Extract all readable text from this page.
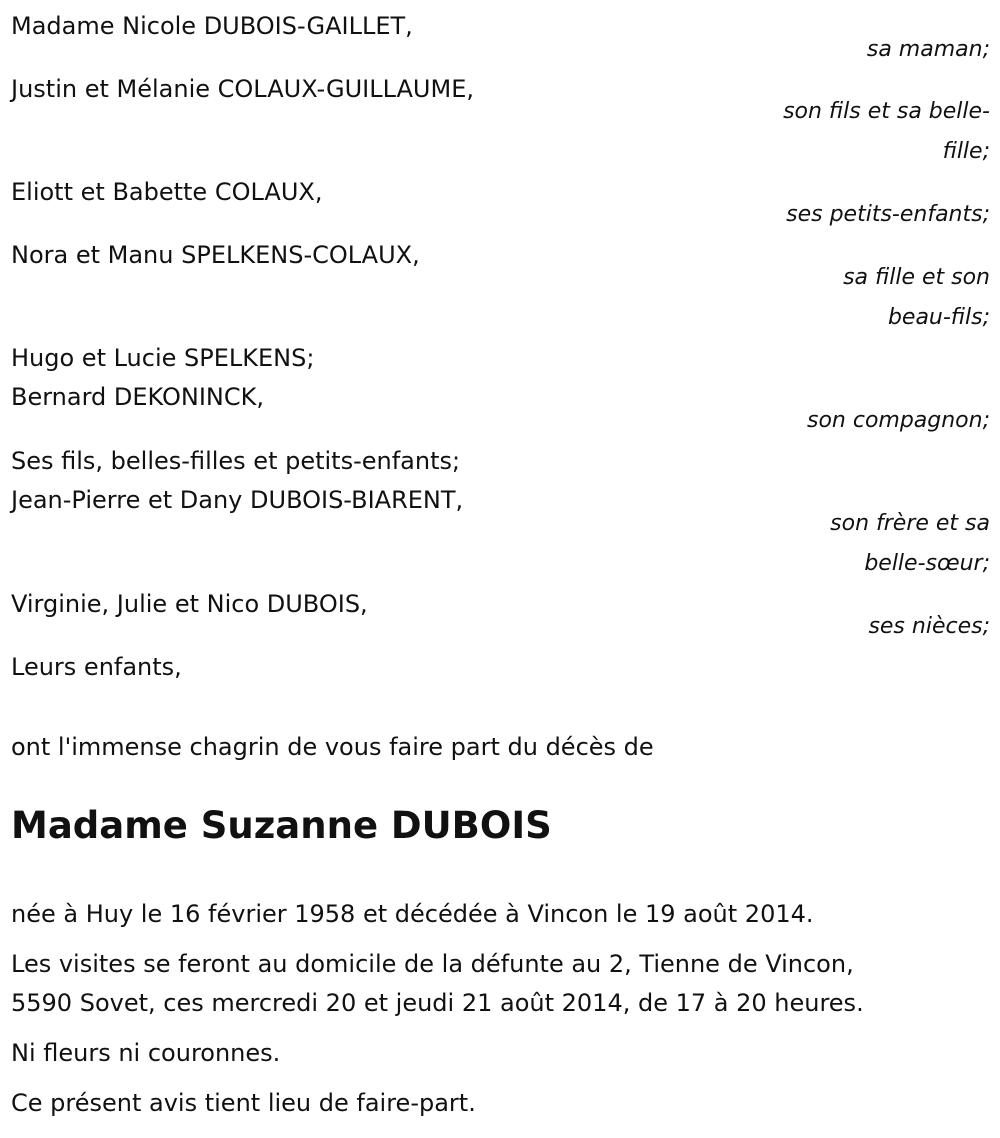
Madame Nicole DUBOIS-GAILLET,
sa maman;
Justin et Mélanie COLAUX-GUILLAUME,
son fils et sa belle-
fille;
Eliott et Babette COLAUX,
ses petits-enfants;
Nora et Manu SPELKENS-COLAUX,
sa fille et son
beau-fils;
Hugo et Lucie SPELKENS;
Bernard DEKONINCK,
son compagnon;
Ses fils, belles-filles et petits-enfants;
Jean-Pierre et Dany DUBOIS-BIARENT,
son frère et sa
belle-sœur;
Virginie, Julie et Nico DUBOIS,
ses nièces;
Leurs enfants,
ont l'immense chagrin de vous faire part du décès de
Madame Suzanne DUBOIS
née à Huy le 16 février 1958 et décédée à Vincon le 19 août 2014.
Les visites se feront au domicile de la défunte au 2, Tienne de Vincon,
5590 Sovet, ces mercredi 20 et jeudi 21 août 2014, de 17 à 20 heures.
Ni fleurs ni couronnes.
Ce présent avis tient lieu de faire-part.
